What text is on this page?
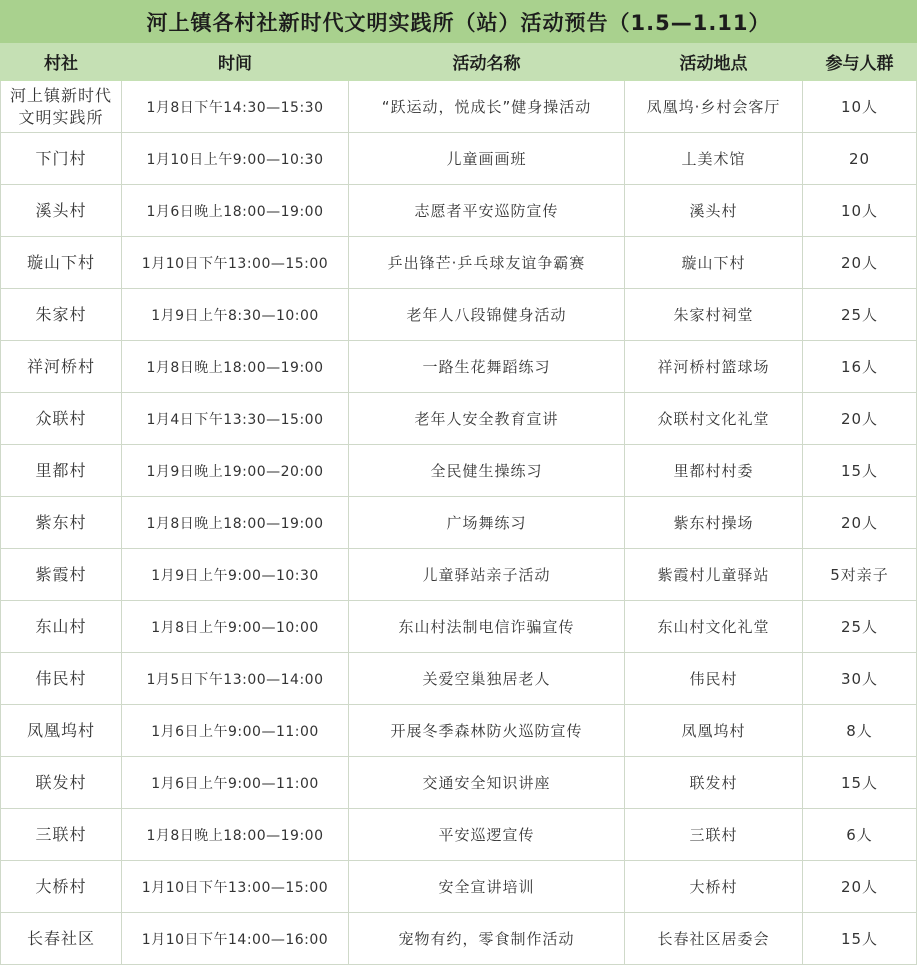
河上镇各村社新时代文明实践所（站）活动预告（1.5—1.11）				
村社	时间	活动名称	活动地点	参与人群
河上镇新时代文明实践所	1月8日下午14:30—15:30	“跃运动，悦成长”健身操活动	凤凰坞·乡村会客厅	10人
下门村	1月10日上午9:00—10:30	儿童画画班	丄美术馆	20
溪头村	1月6日晚上18:00—19:00	志愿者平安巡防宣传	溪头村	10人
璇山下村	1月10日下午13:00—15:00	乒出锋芒·乒乓球友谊争霸赛	璇山下村	20人
朱家村	1月9日上午8:30—10:00	老年人八段锦健身活动	朱家村祠堂	25人
祥河桥村	1月8日晚上18:00—19:00	一路生花舞蹈练习	祥河桥村篮球场	16人
众联村	1月4日下午13:30—15:00	老年人安全教育宣讲	众联村文化礼堂	20人
里都村	1月9日晚上19:00—20:00	全民健生操练习	里都村村委	15人
紫东村	1月8日晚上18:00—19:00	广场舞练习	紫东村操场	20人
紫霞村	1月9日上午9:00—10:30	儿童驿站亲子活动	紫霞村儿童驿站	5对亲子
东山村	1月8日上午9:00—10:00	东山村法制电信诈骗宣传	东山村文化礼堂	25人
伟民村	1月5日下午13:00—14:00	关爱空巢独居老人	伟民村	30人
凤凰坞村	1月6日上午9:00—11:00	开展冬季森林防火巡防宣传	凤凰坞村	8人
联发村	1月6日上午9:00—11:00	交通安全知识讲座	联发村	15人
三联村	1月8日晚上18:00—19:00	平安巡逻宣传	三联村	6人
大桥村	1月10日下午13:00—15:00	安全宣讲培训	大桥村	20人
长春社区	1月10日下午14:00—16:00	宠物有约，零食制作活动	长春社区居委会	15人
